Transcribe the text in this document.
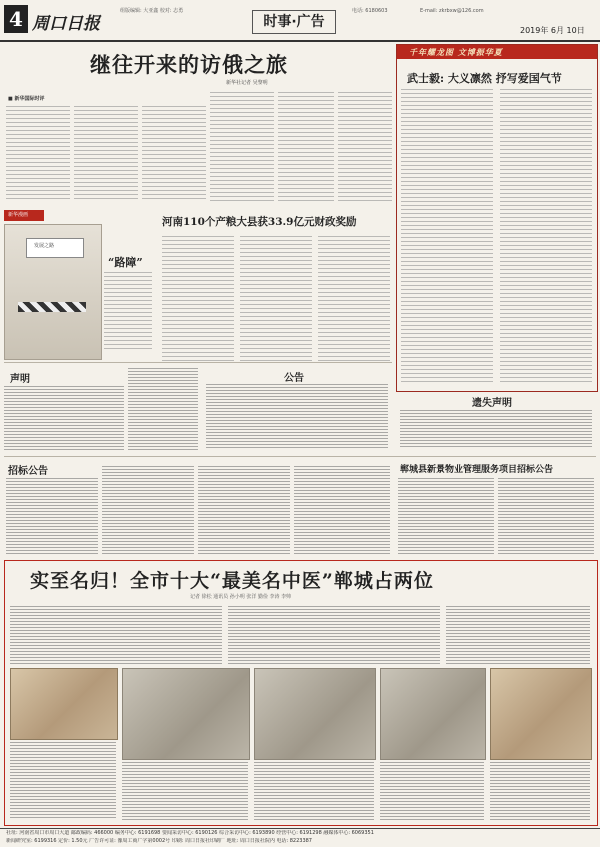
4 周口日报
组版编辑: 大亚鑫 校对: 志勇
时事·广告
电话: 6180603	E-mail: zkrbxw@126.com
2019年 6月 10日
继往开来的访俄之旅
新华社记者 吴黎明
■ 新华国际时评
千年耀龙图 文博振华夏
武士毅: 大义凛然 抒写爱国气节
新华漫画
发展之路
“路障”
河南110个产粮大县获33.9亿元财政奖励
声明	公告
遗失声明
招标公告	郸城县新景物业管理服务项目招标公告
实至名归！全市十大“最美名中医”郸城占两位
记者 徐松 通讯员 孙小明 张洋 勤俭 李涛 李帅
社址: 河南省周口市周口大道 邮政编码: 466000 编务中心: 6191698 要闻采访中心: 6190126 综合采访中心: 6193890 经营中心: 6191298 融媒体中心: 6069351
新闻研究室: 6199316 定价: 1.50元 广告许可证: 豫周工商广字第0002号 印刷: 周口日报社印刷厂 地址: 周口日报社院内 电话: 8223387
